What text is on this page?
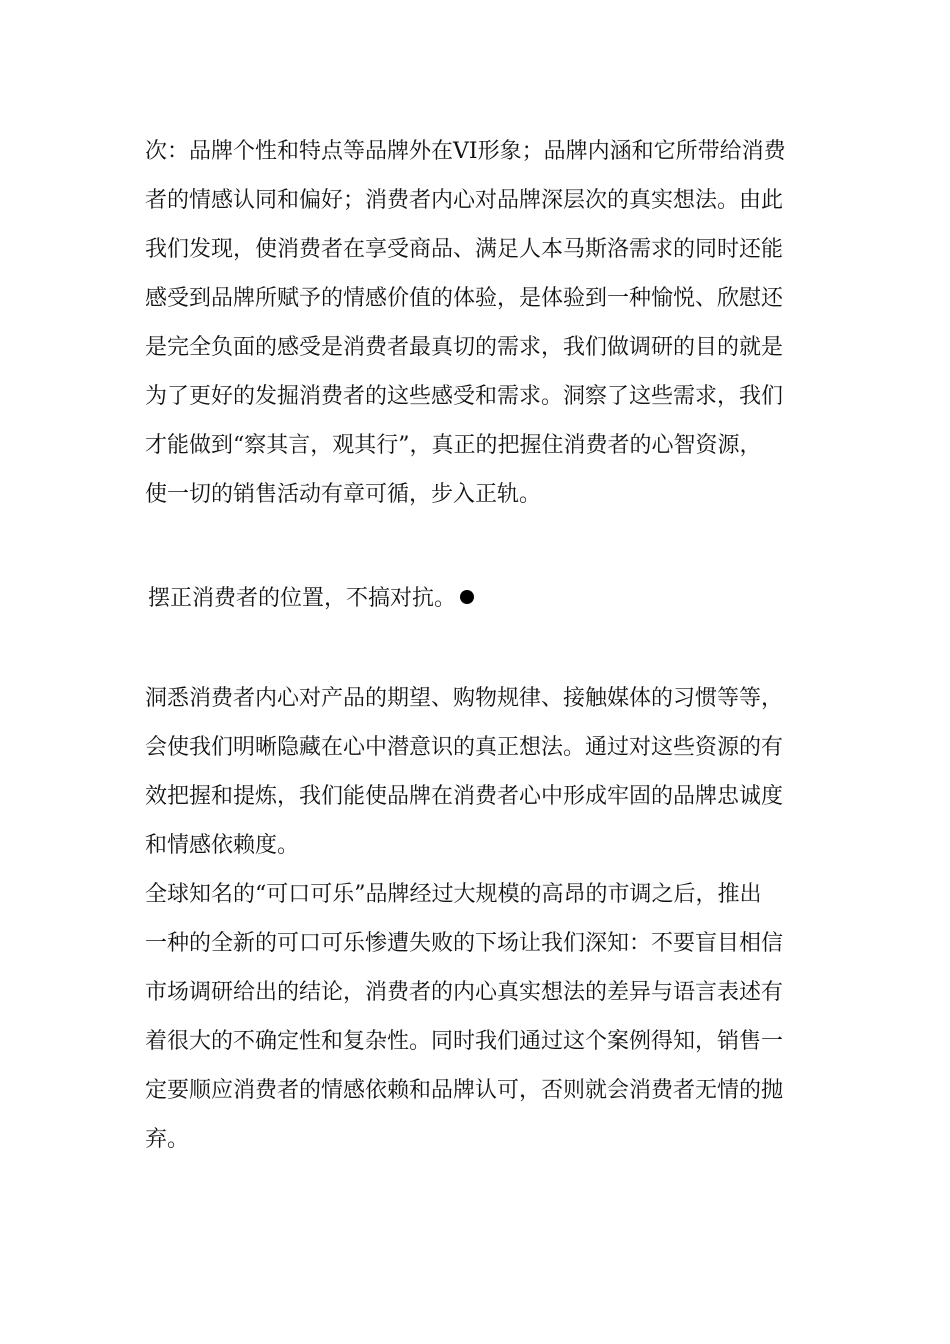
次：品牌个性和特点等品牌外在VI形象；品牌内涵和它所带给消费
者的情感认同和偏好；消费者内心对品牌深层次的真实想法。由此
我们发现，使消费者在享受商品、满足人本马斯洛需求的同时还能
感受到品牌所赋予的情感价值的体验，是体验到一种愉悦、欣慰还
是完全负面的感受是消费者最真切的需求，我们做调研的目的就是
为了更好的发掘消费者的这些感受和需求。洞察了这些需求，我们
才能做到“察其言，观其行”，真正的把握住消费者的心智资源，
使一切的销售活动有章可循，步入正轨。
摆正消费者的位置，不搞对抗。
洞悉消费者内心对产品的期望、购物规律、接触媒体的习惯等等，
会使我们明晰隐藏在心中潜意识的真正想法。通过对这些资源的有
效把握和提炼，我们能使品牌在消费者心中形成牢固的品牌忠诚度
和情感依赖度。
全球知名的“可口可乐”品牌经过大规模的高昂的市调之后，推出
一种的全新的可口可乐惨遭失败的下场让我们深知：不要盲目相信
市场调研给出的结论，消费者的内心真实想法的差异与语言表述有
着很大的不确定性和复杂性。同时我们通过这个案例得知，销售一
定要顺应消费者的情感依赖和品牌认可，否则就会消费者无情的抛
弃。
